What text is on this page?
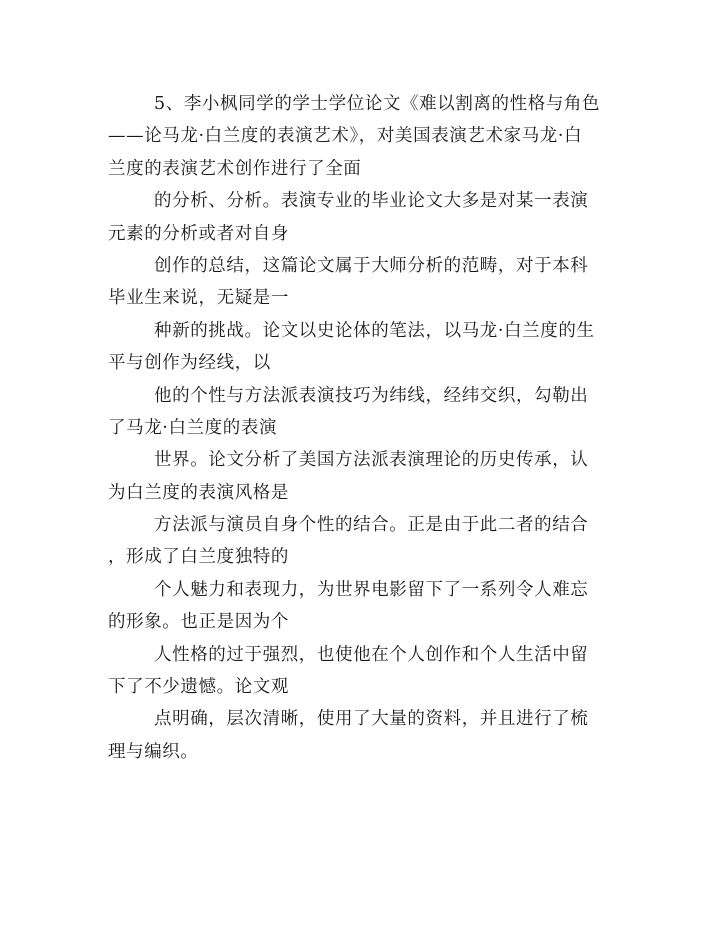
5、李小枫同学的学士学位论文《难以割离的性格与角色
——论马龙·白兰度的表演艺术》，对美国表演艺术家马龙·白
兰度的表演艺术创作进行了全面
的分析、分析。表演专业的毕业论文大多是对某一表演
元素的分析或者对自身
创作的总结，这篇论文属于大师分析的范畴，对于本科
毕业生来说，无疑是一
种新的挑战。论文以史论体的笔法，以马龙·白兰度的生
平与创作为经线，以
他的个性与方法派表演技巧为纬线，经纬交织，勾勒出
了马龙·白兰度的表演
世界。论文分析了美国方法派表演理论的历史传承，认
为白兰度的表演风格是
方法派与演员自身个性的结合。正是由于此二者的结合
，形成了白兰度独特的
个人魅力和表现力，为世界电影留下了一系列令人难忘
的形象。也正是因为个
人性格的过于强烈，也使他在个人创作和个人生活中留
下了不少遗憾。论文观
点明确，层次清晰，使用了大量的资料，并且进行了梳
理与编织。
